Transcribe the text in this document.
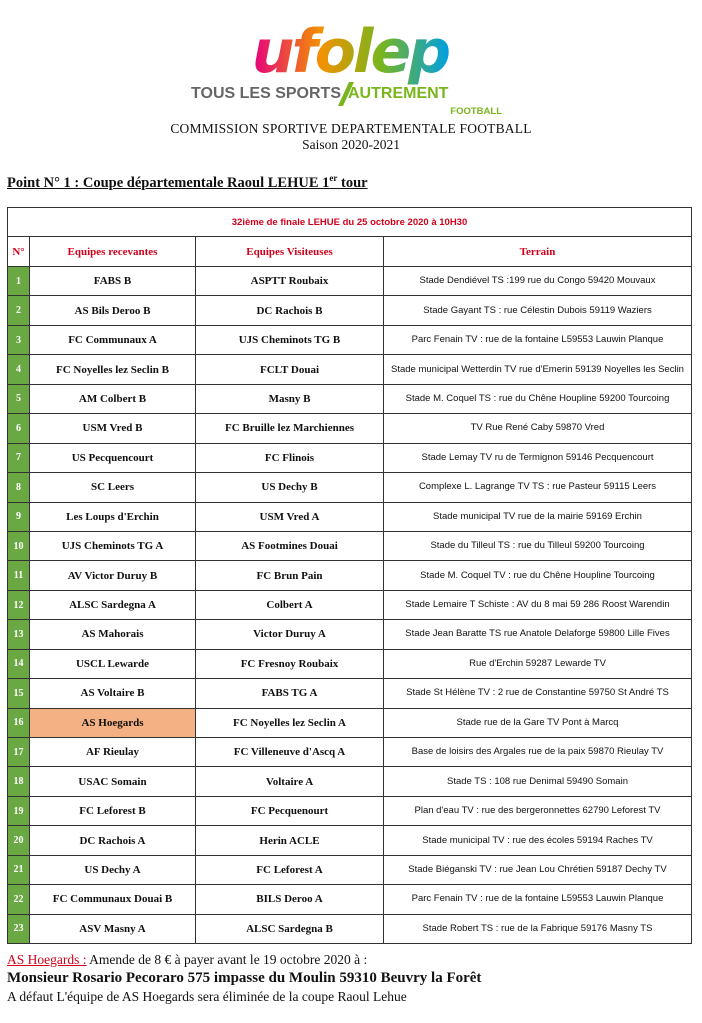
ufolep
TOUS LES SPORTS AUTREMENT
FOOTBALL
COMMISSION SPORTIVE DEPARTEMENTALE FOOTBALL
Saison 2020-2021
Point N° 1 : Coupe départementale Raoul LEHUE 1er tour
32ième de finale LEHUE du 25 octobre 2020 à 10H30			
N°	Equipes recevantes	Equipes Visiteuses	Terrain
1	FABS B	ASPTT Roubaix	Stade Dendiével TS :199 rue du Congo 59420 Mouvaux
2	AS Bils Deroo B	DC Rachois B	Stade Gayant TS : rue Célestin Dubois 59119 Waziers
3	FC Communaux A	UJS Cheminots TG B	Parc Fenain TV : rue de la fontaine L59553 Lauwin Planque
4	FC Noyelles lez Seclin B	FCLT Douai	Stade municipal Wetterdin TV rue d'Emerin 59139 Noyelles les Seclin
5	AM Colbert B	Masny B	Stade M. Coquel TS : rue du Chêne Houpline 59200 Tourcoing
6	USM Vred B	FC Bruille lez Marchiennes	TV Rue René Caby 59870 Vred
7	US Pecquencourt	FC Flinois	Stade Lemay TV ru de Termignon 59146 Pecquencourt
8	SC Leers	US Dechy B	Complexe L. Lagrange TV TS : rue Pasteur 59115 Leers
9	Les Loups d'Erchin	USM Vred A	Stade municipal TV rue de la mairie 59169 Erchin
10	UJS Cheminots TG A	AS Footmines Douai	Stade du Tilleul TS : rue du Tilleul 59200 Tourcoing
11	AV Victor Duruy B	FC Brun Pain	Stade M. Coquel TV : rue du Chêne Houpline Tourcoing
12	ALSC Sardegna A	Colbert A	Stade Lemaire T Schiste : AV du 8 mai 59 286 Roost Warendin
13	AS Mahorais	Victor Duruy A	Stade Jean Baratte TS rue Anatole Delaforge 59800 Lille Fives
14	USCL Lewarde	FC Fresnoy Roubaix	Rue d'Erchin 59287 Lewarde TV
15	AS Voltaire B	FABS TG A	Stade St Hélène TV : 2 rue de Constantine 59750 St André TS
16	AS Hoegards	FC Noyelles lez Seclin A	Stade rue de la Gare TV Pont à Marcq
17	AF Rieulay	FC Villeneuve d'Ascq A	Base de loisirs des Argales rue de la paix 59870 Rieulay TV
18	USAC Somain	Voltaire A	Stade TS : 108 rue Denimal 59490 Somain
19	FC Leforest B	FC Pecquenourt	Plan d'eau TV : rue des bergeronnettes 62790 Leforest TV
20	DC Rachois A	Herin ACLE	Stade municipal TV : rue des écoles 59194 Raches TV
21	US Dechy A	FC Leforest A	Stade Biéganski TV : rue Jean Lou Chrétien 59187 Dechy TV
22	FC Communaux Douai B	BILS Deroo A	Parc Fenain TV : rue de la fontaine L59553 Lauwin Planque
23	ASV Masny A	ALSC Sardegna B	Stade Robert TS : rue de la Fabrique 59176 Masny TS
AS Hoegards : Amende de 8 € à payer avant le 19 octobre 2020 à :
Monsieur Rosario Pecoraro 575 impasse du Moulin 59310 Beuvry la Forêt
A défaut L'équipe de AS Hoegards sera éliminée de la coupe Raoul Lehue
